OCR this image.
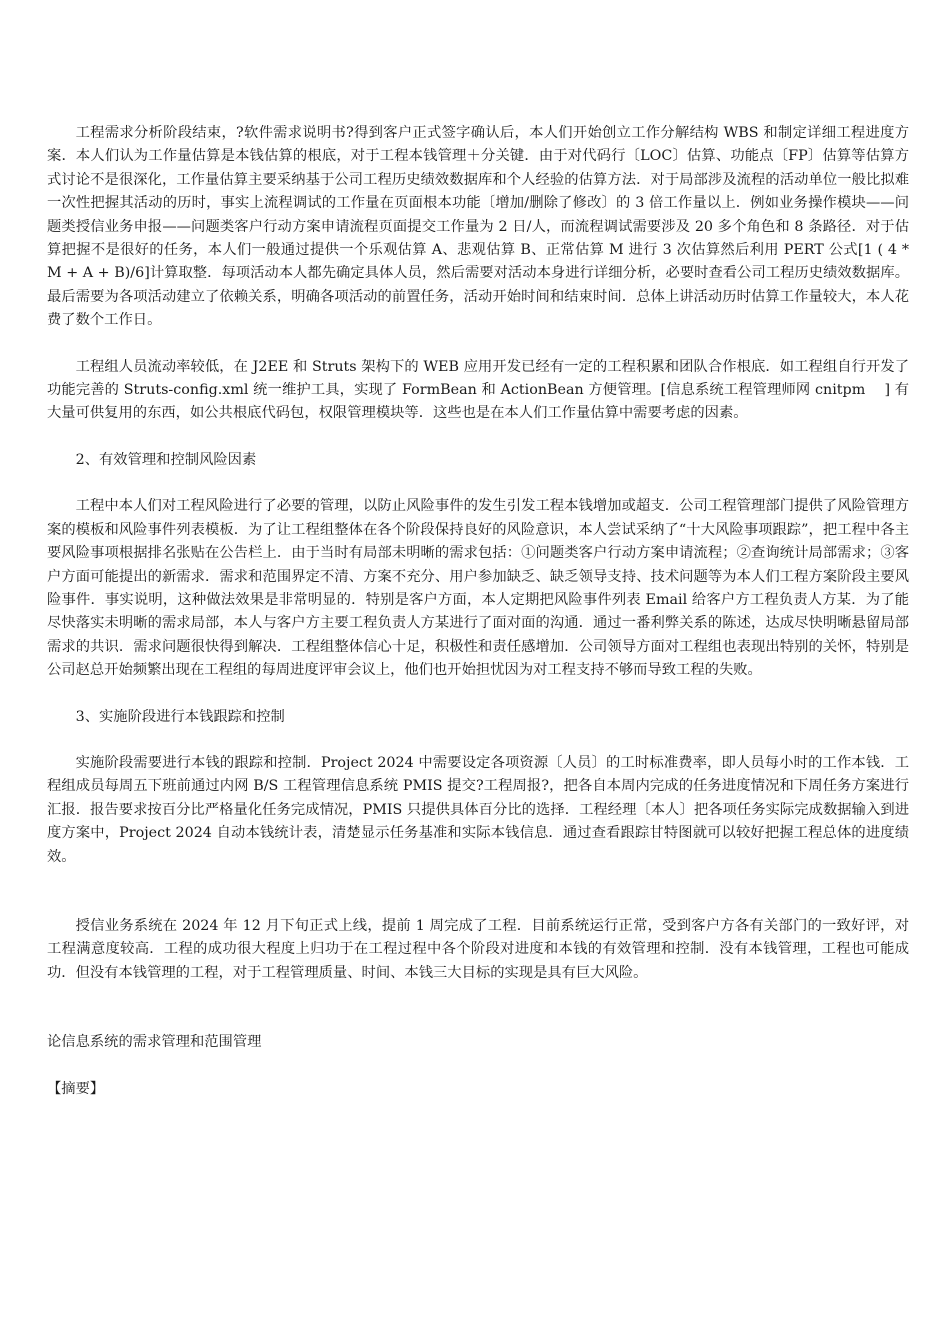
工程需求分析阶段结束，?软件需求说明书?得到客户正式签字确认后，本人们开始创立工作分解结构 WBS 和制定详细工程进度方案．本人们认为工作量估算是本钱估算的根底，对于工程本钱管理＋分关键．由于对代码行〔LOC〕估算、功能点〔FP〕估算等估算方式讨论不是很深化，工作量估算主要采纳基于公司工程历史绩效数据库和个人经验的估算方法．对于局部涉及流程的活动单位一般比拟难一次性把握其活动的历时，事实上流程调试的工作量在页面根本功能〔增加/删除了修改〕的 3 倍工作量以上．例如业务操作模块——问题类授信业务申报——问题类客户行动方案申请流程页面提交工作量为 2 日/人，而流程调试需要涉及 20 多个角色和 8 条路径．对于估算把握不是很好的任务，本人们一般通过提供一个乐观估算 A、悲观估算 B、正常估算 M 进行 3 次估算然后利用 PERT 公式[1 ( 4 * M + A + B)/6]计算取整．每项活动本人都先确定具体人员，然后需要对活动本身进行详细分析，必要时查看公司工程历史绩效数据库。最后需要为各项活动建立了依赖关系，明确各项活动的前置任务，活动开始时间和结束时间．总体上讲活动历时估算工作量较大，本人花费了数个工作日。

工程组人员流动率较低，在 J2EE 和 Struts 架构下的 WEB 应用开发已经有一定的工程积累和团队合作根底．如工程组自行开发了功能完善的 Struts-config.xml 统一维护工具，实现了 FormBean 和 ActionBean 方便管理。[信息系统工程管理师网 cnitpm　 ] 有大量可供复用的东西，如公共根底代码包，权限管理模块等．这些也是在本人们工作量估算中需要考虑的因素。

2、有效管理和控制风险因素

工程中本人们对工程风险进行了必要的管理，以防止风险事件的发生引发工程本钱增加或超支．公司工程管理部门提供了风险管理方案的模板和风险事件列表模板．为了让工程组整体在各个阶段保持良好的风险意识，本人尝试采纳了“十大风险事项跟踪”，把工程中各主要风险事项根据排名张贴在公告栏上．由于当时有局部未明晰的需求包括：①问题类客户行动方案申请流程；②查询统计局部需求；③客户方面可能提出的新需求．需求和范围界定不清、方案不充分、用户参加缺乏、缺乏领导支持、技术问题等为本人们工程方案阶段主要风险事件．事实说明，这种做法效果是非常明显的．特别是客户方面，本人定期把风险事件列表 Email 给客户方工程负责人方某．为了能尽快落实未明晰的需求局部，本人与客户方主要工程负责人方某进行了面对面的沟通．通过一番利弊关系的陈述，达成尽快明晰悬留局部需求的共识．需求问题很快得到解决．工程组整体信心十足，积极性和责任感增加．公司领导方面对工程组也表现出特别的关怀，特别是公司赵总开始频繁出现在工程组的每周进度评审会议上，他们也开始担忧因为对工程支持不够而导致工程的失败。

3、实施阶段进行本钱跟踪和控制

实施阶段需要进行本钱的跟踪和控制．Project 2024 中需要设定各项资源〔人员〕的工时标准费率，即人员每小时的工作本钱．工程组成员每周五下班前通过内网 B/S 工程管理信息系统 PMIS 提交?工程周报?，把各自本周内完成的任务进度情况和下周任务方案进行汇报．报告要求按百分比严格量化任务完成情况，PMIS 只提供具体百分比的选择．工程经理〔本人〕把各项任务实际完成数据输入到进度方案中，Project 2024 自动本钱统计表，清楚显示任务基准和实际本钱信息．通过查看跟踪甘特图就可以较好把握工程总体的进度绩效。

授信业务系统在 2024 年 12 月下旬正式上线，提前 1 周完成了工程．目前系统运行正常，受到客户方各有关部门的一致好评，对工程满意度较高．工程的成功很大程度上归功于在工程过程中各个阶段对进度和本钱的有效管理和控制．没有本钱管理，工程也可能成功．但没有本钱管理的工程，对于工程管理质量、时间、本钱三大目标的实现是具有巨大风险。

论信息系统的需求管理和范围管理

【摘要】
